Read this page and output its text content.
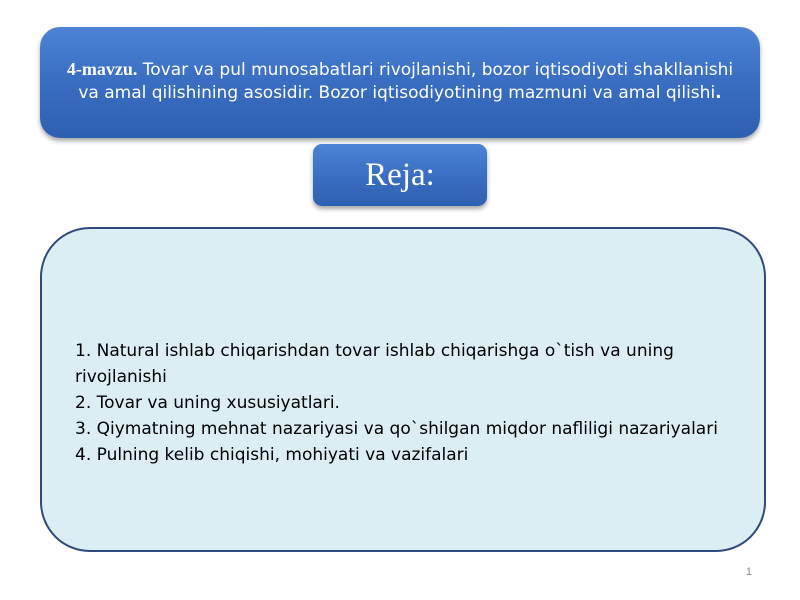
4-mavzu. Tovar va pul munosabatlari rivojlanishi, bozor iqtisodiyoti shakllanishi va amal qilishining asosidir. Bozor iqtisodiyotining mazmuni va amal qilishi.
Reja:
1. Natural ishlab chiqarishdan tovar ishlab chiqarishga o`tish va uning rivojlanishi
2. Tovar va uning xususiyatlari.
3. Qiymatning mehnat nazariyasi va qo`shilgan miqdor nafliligi nazariyalari
4. Pulning kelib chiqishi, mohiyati va vazifalari
1
